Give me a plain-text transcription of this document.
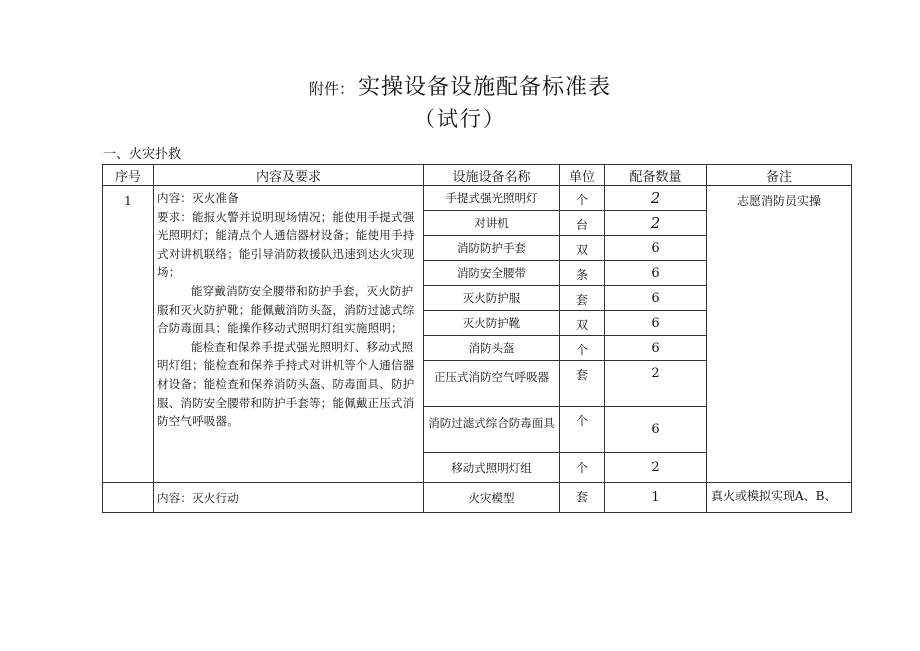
附件： 实操设备设施配备标准表
（试行）
一、火灾扑救
序号	内容及要求	设施设备名称	单位	配备数量	备注
1	内容：灭火准备
要求：能报火警并说明现场情况；能使用手提式强光照明灯；能清点个人通信器材设备；能使用手持式对讲机联络；能引导消防救援队迅速到达火灾现场；
能穿戴消防安全腰带和防护手套，灭火防护服和灭火防护靴；能佩戴消防头盔，消防过滤式综合防毒面具；能操作移动式照明灯组实施照明；
能检查和保养手提式强光照明灯、移动式照明灯组；能检查和保养手持式对讲机等个人通信器材设备；能检查和保养消防头盔、防毒面具、防护服、消防安全腰带和防护手套等；能佩戴正压式消防空气呼吸器。	手提式强光照明灯	个	2	志愿消防员实操
		对讲机	台	2	
		消防防护手套	双	6	
		消防安全腰带	条	6	
		灭火防护服	套	6	
		灭火防护靴	双	6	
		消防头盔	个	6	
		正压式消防空气呼吸器	套	2	
		消防过滤式综合防毒面具	个	6	
		移动式照明灯组	个	2	
	内容：灭火行动	火灾模型	套	1	真火或模拟实现A、B、
